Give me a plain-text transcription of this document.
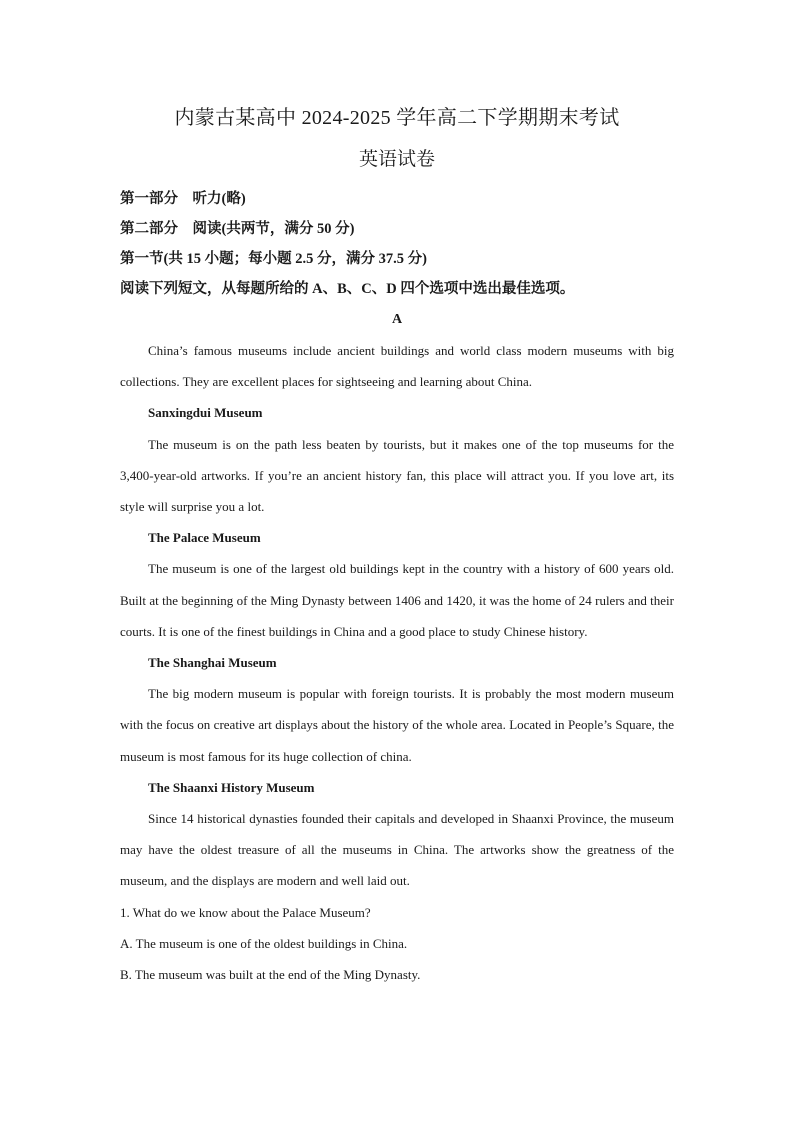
内蒙古某高中 2024-2025 学年高二下学期期末考试
英语试卷
第一部分　听力(略)
第二部分　阅读(共两节，满分 50 分)
第一节(共 15 小题；每小题 2.5 分，满分 37.5 分)
阅读下列短文，从每题所给的 A、B、C、D 四个选项中选出最佳选项。
A

China’s famous museums include ancient buildings and world class modern museums with big collections. They are excellent places for sightseeing and learning about China.

Sanxingdui Museum

The museum is on the path less beaten by tourists, but it makes one of the top museums for the 3,400-year-old artworks. If you’re an ancient history fan, this place will attract you. If you love art, its style will surprise you a lot.

The Palace Museum

The museum is one of the largest old buildings kept in the country with a history of 600 years old. Built at the beginning of the Ming Dynasty between 1406 and 1420, it was the home of 24 rulers and their courts. It is one of the finest buildings in China and a good place to study Chinese history.

The Shanghai Museum

The big modern museum is popular with foreign tourists. It is probably the most modern museum with the focus on creative art displays about the history of the whole area. Located in People’s Square, the museum is most famous for its huge collection of china.

The Shaanxi History Museum

Since 14 historical dynasties founded their capitals and developed in Shaanxi Province, the museum may have the oldest treasure of all the museums in China. The artworks show the greatness of the museum, and the displays are modern and well laid out.

1. What do we know about the Palace Museum?

A. The museum is one of the oldest buildings in China.

B. The museum was built at the end of the Ming Dynasty.
